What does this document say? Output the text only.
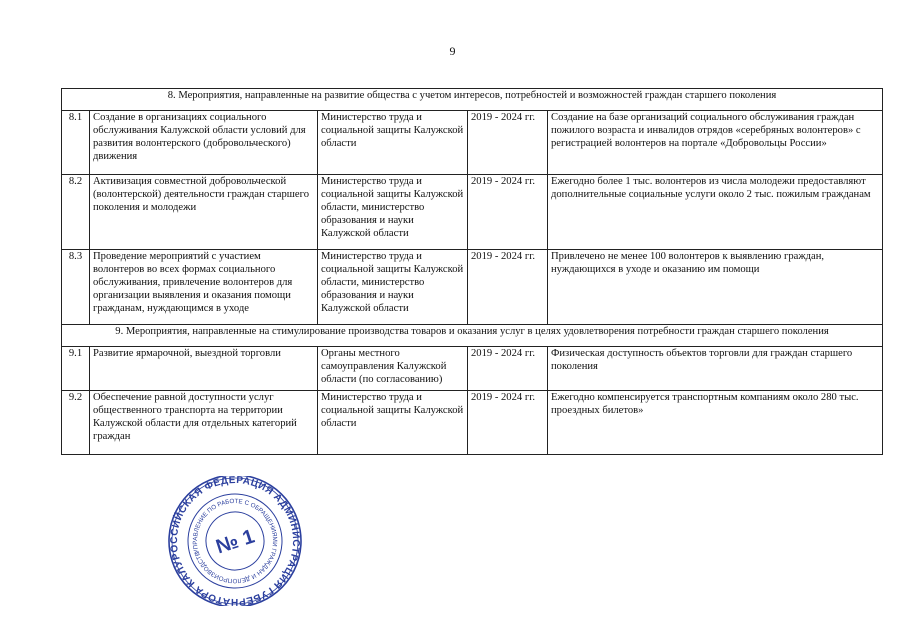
9
8. Мероприятия, направленные на развитие общества с учетом интересов, потребностей и возможностей граждан старшего поколения				
8.1	Создание в организациях социального обслуживания Калужской области условий для развития волонтерского (добровольческого) движения	Министерство труда и социальной защиты Калужской области	2019 - 2024 гг.	Создание на базе организаций социального обслуживания граждан пожилого возраста и инвалидов отрядов «серебряных волонтеров» с регистрацией волонтеров на портале «Добровольцы России»
8.2	Активизация совместной добровольческой (волонтерской) деятельности граждан старшего поколения и молодежи	Министерство труда и социальной защиты Калужской области, министерство образования и науки Калужской области	2019 - 2024 гг.	Ежегодно более 1 тыс. волонтеров из числа молодежи предоставляют дополнительные социальные услуги около 2 тыс. пожилым гражданам
8.3	Проведение мероприятий с участием волонтеров во всех формах социального обслуживания, привлечение волонтеров для организации выявления и оказания помощи гражданам, нуждающимся в уходе	Министерство труда и социальной защиты Калужской области, министерство образования и науки Калужской области	2019 - 2024 гг.	Привлечено не менее 100 волонтеров к выявлению граждан, нуждающихся в уходе и оказанию им помощи
9. Мероприятия, направленные на стимулирование производства товаров и оказания услуг в целях удовлетворения потребности граждан старшего поколения				
9.1	Развитие ярмарочной, выездной торговли	Органы местного самоуправления Калужской области (по согласованию)	2019 - 2024 гг.	Физическая доступность объектов торговли для граждан старшего поколения
9.2	Обеспечение равной доступности услуг общественного транспорта на территории Калужской области для отдельных категорий граждан	Министерство труда и социальной защиты Калужской области	2019 - 2024 гг.	Ежегодно компенсируется транспортным компаниям около 280 тыс. проездных билетов»
РОССИЙСКАЯ ФЕДЕРАЦИЯ АДМИНИСТРАЦИЯ ГУБЕРНАТОРА КАЛУЖСКОЙ
УПРАВЛЕНИЕ ПО РАБОТЕ С ОБРАЩЕНИЯМИ ГРАЖДАН И ДЕЛОПРОИЗВОДСТВУ
№ 1
